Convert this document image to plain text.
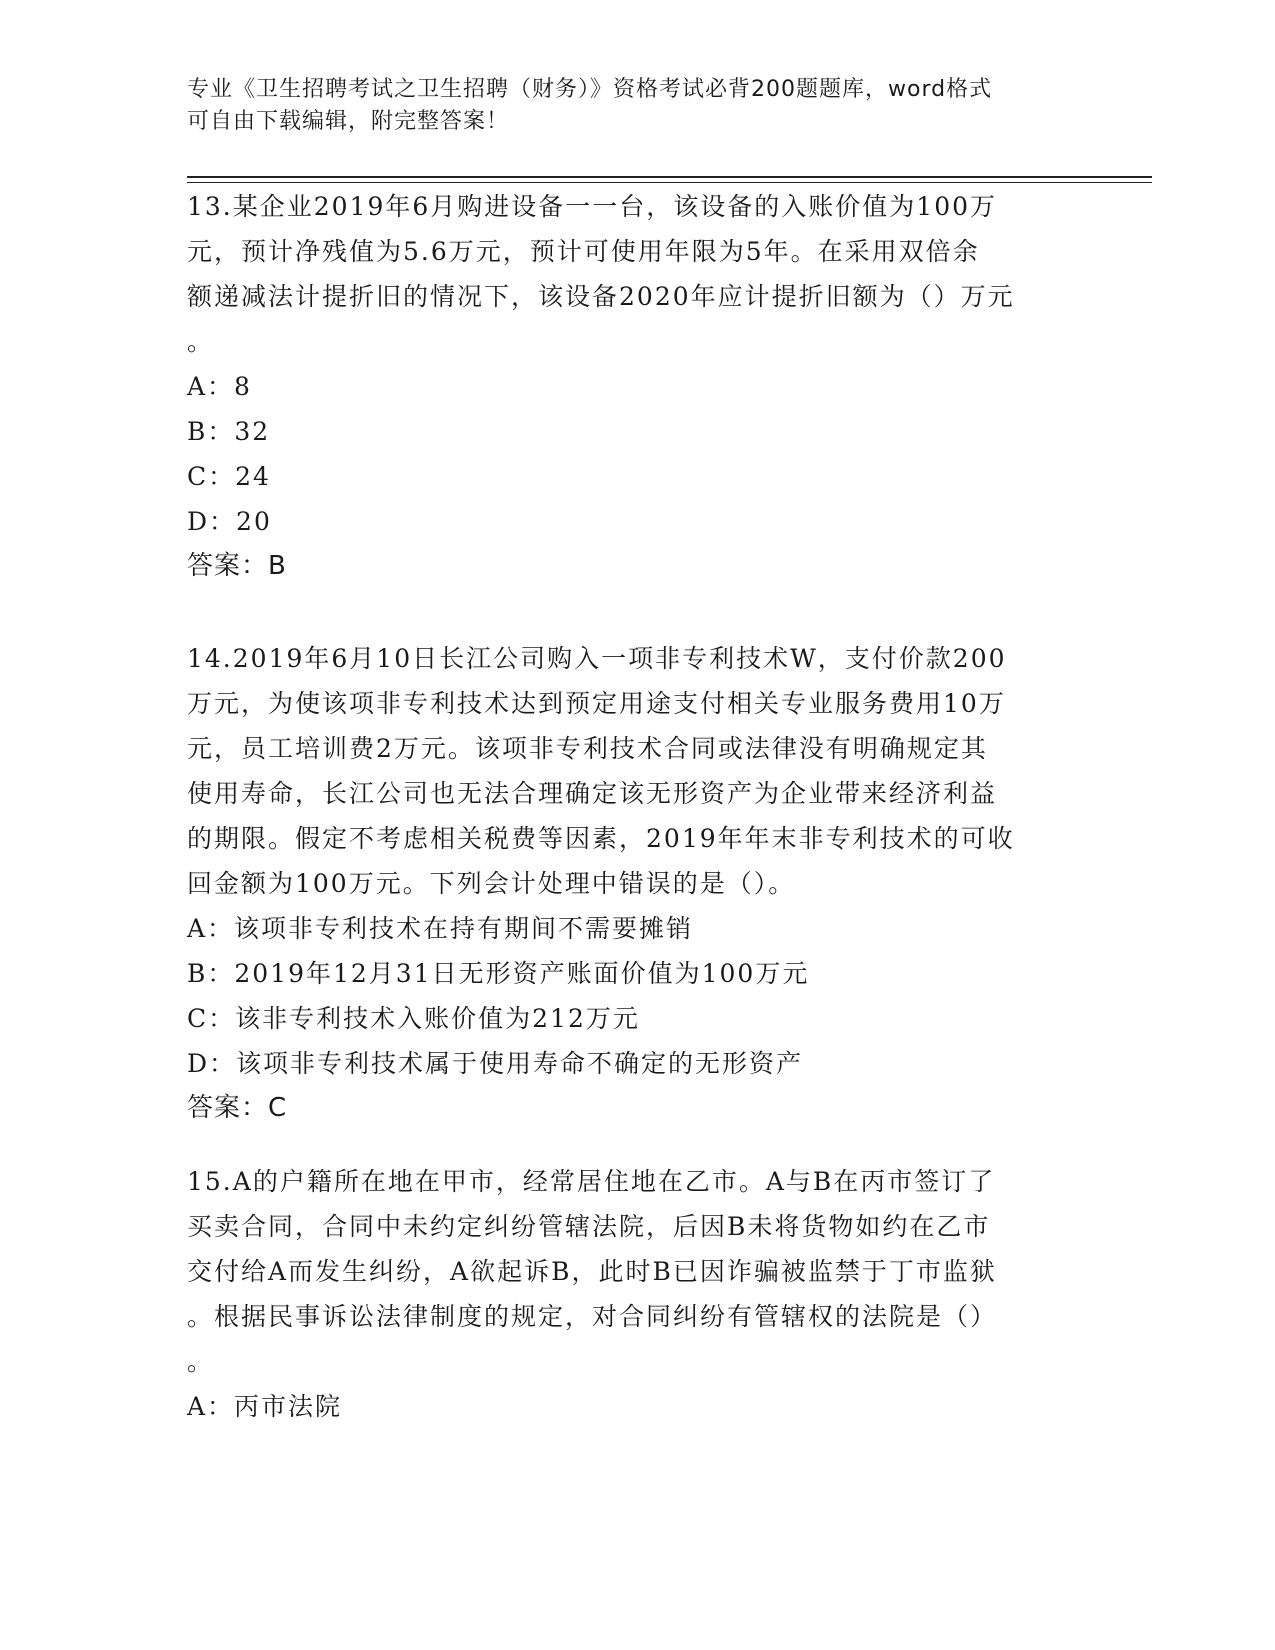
专业《卫生招聘考试之卫生招聘（财务）》资格考试必背200题题库，word格式
可自由下载编辑，附完整答案！
13.某企业2019年6月购进设备一一台，该设备的入账价值为100万
元，预计净残值为5.6万元，预计可使用年限为5年。在采用双倍余
额递减法计提折旧的情况下，该设备2020年应计提折旧额为（）万元
。
A：8
B：32
C：24
D：20
答案：B
14.2019年6月10日长江公司购入一项非专利技术W，支付价款200
万元，为使该项非专利技术达到预定用途支付相关专业服务费用10万
元，员工培训费2万元。该项非专利技术合同或法律没有明确规定其
使用寿命，长江公司也无法合理确定该无形资产为企业带来经济利益
的期限。假定不考虑相关税费等因素，2019年年末非专利技术的可收
回金额为100万元。下列会计处理中错误的是（）。
A：该项非专利技术在持有期间不需要摊销
B：2019年12月31日无形资产账面价值为100万元
C：该非专利技术入账价值为212万元
D：该项非专利技术属于使用寿命不确定的无形资产
答案：C
15.A的户籍所在地在甲市，经常居住地在乙市。A与B在丙市签订了
买卖合同，合同中未约定纠纷管辖法院，后因B未将货物如约在乙市
交付给A而发生纠纷，A欲起诉B，此时B已因诈骗被监禁于丁市监狱
。根据民事诉讼法律制度的规定，对合同纠纷有管辖权的法院是（）
。
A：丙市法院
